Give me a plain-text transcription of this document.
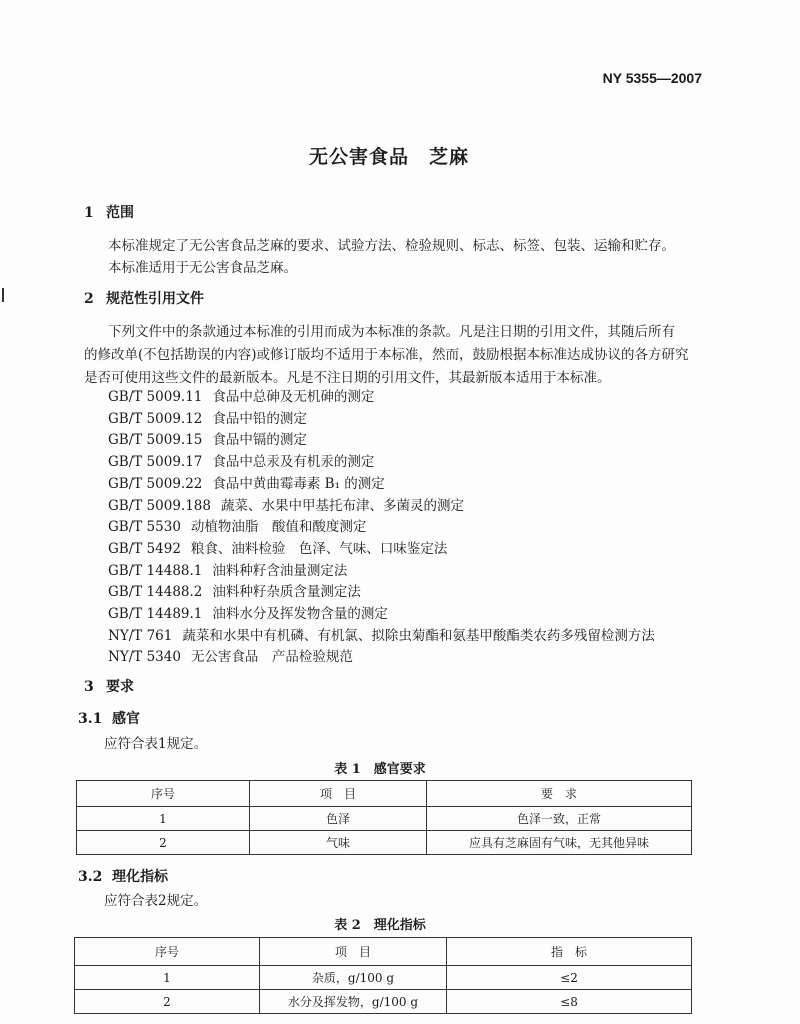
NY 5355—2007
无公害食品　芝麻
1 范围
本标准规定了无公害食品芝麻的要求、试验方法、检验规则、标志、标签、包装、运输和贮存。
本标准适用于无公害食品芝麻。
2 规范性引用文件
下列文件中的条款通过本标准的引用而成为本标准的条款。凡是注日期的引用文件，其随后所有
的修改单(不包括勘误的内容)或修订版均不适用于本标准，然而，鼓励根据本标准达成协议的各方研究
是否可使用这些文件的最新版本。凡是不注日期的引用文件，其最新版本适用于本标准。
GB/T 5009.11 食品中总砷及无机砷的测定
GB/T 5009.12 食品中铅的测定
GB/T 5009.15 食品中镉的测定
GB/T 5009.17 食品中总汞及有机汞的测定
GB/T 5009.22 食品中黄曲霉毒素 B₁ 的测定
GB/T 5009.188 蔬菜、水果中甲基托布津、多菌灵的测定
GB/T 5530 动植物油脂　酸值和酸度测定
GB/T 5492 粮食、油料检验　色泽、气味、口味鉴定法
GB/T 14488.1 油料种籽含油量测定法
GB/T 14488.2 油料种籽杂质含量测定法
GB/T 14489.1 油料水分及挥发物含量的测定
NY/T 761 蔬菜和水果中有机磷、有机氯、拟除虫菊酯和氨基甲酸酯类农药多残留检测方法
NY/T 5340 无公害食品　产品检验规范
3 要求
3.1 感官
应符合表1规定。
表 1　感官要求
序号	项　目	要　求
1	色泽	色泽一致，正常
2	气味	应具有芝麻固有气味，无其他异味
3.2 理化指标
应符合表2规定。
表 2　理化指标
序号	项　目	指　标
1	杂质，g/100 g	≤2
2	水分及挥发物，g/100 g	≤8
